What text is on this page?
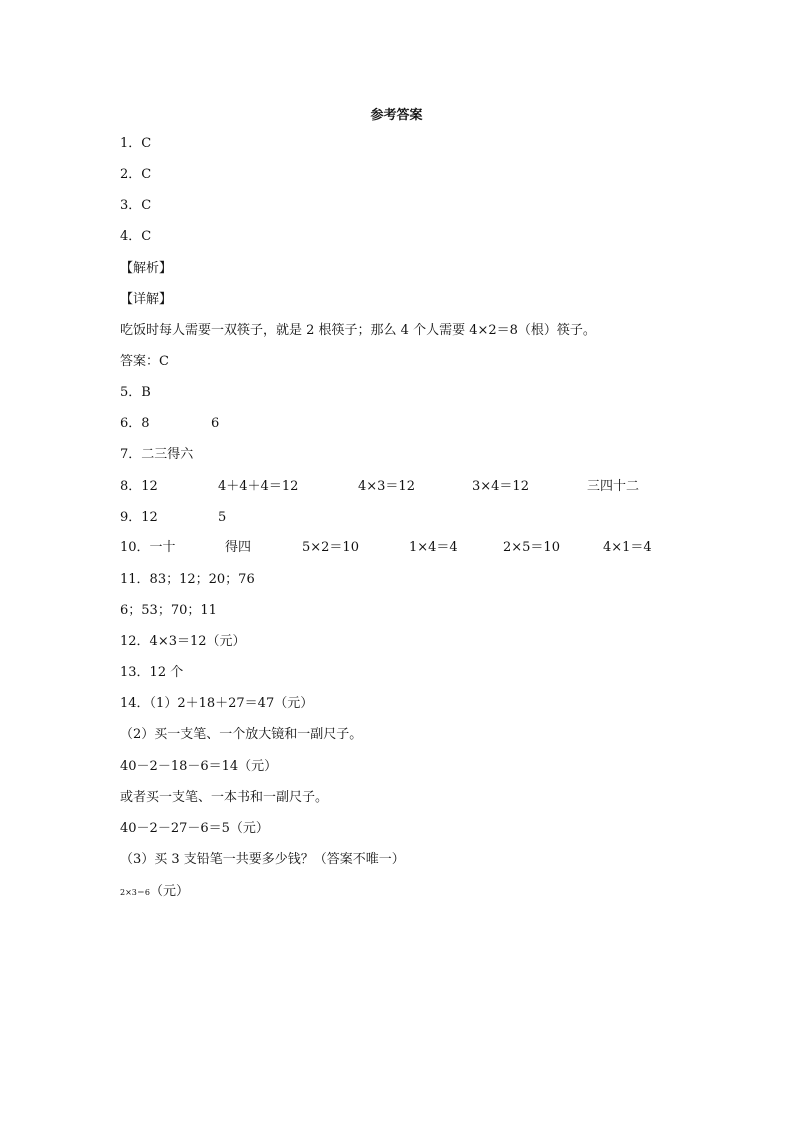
参考答案
1．C
2．C
3．C
4．C
【解析】
【详解】
吃饭时每人需要一双筷子，就是 2 根筷子；那么 4 个人需要 4×2＝8（根）筷子。
答案：C
5．B
6．8	6
7．二三得六
8．12	4＋4＋4＝12	4×3＝12	3×4＝12	三四十二
9．12	5
10．一十	得四	5×2＝10	1×4＝4	2×5＝10	4×1＝4
11．83；12；20；76
6；53；70；11
12．4×3＝12（元）
13．12 个
14．（1）2＋18＋27＝47（元）
（2）买一支笔、一个放大镜和一副尺子。
40－2－18－6＝14（元）
或者买一支笔、一本书和一副尺子。
40－2－27－6＝5（元）
（3）买 3 支铅笔一共要多少钱？（答案不唯一）
2×3＝6（元）
